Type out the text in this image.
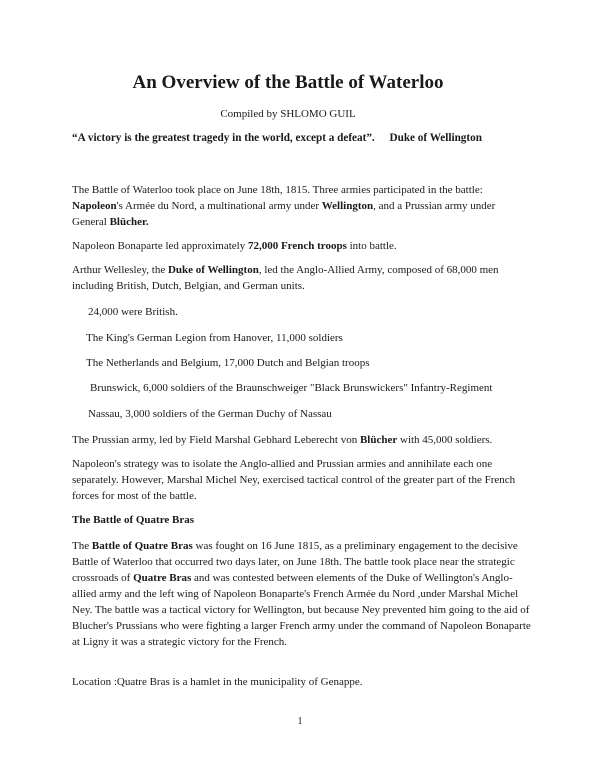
An Overview of the Battle of Waterloo
Compiled by SHLOMO GUIL
“A victory is the greatest tragedy in the world, except a defeat”. Duke of Wellington
The Battle of Waterloo took place on June 18th, 1815. Three armies participated in the battle: Napoleon's Armée du Nord, a multinational army under Wellington, and a Prussian army under General Blücher.
Napoleon Bonaparte led approximately 72,000 French troops into battle.
Arthur Wellesley, the Duke of Wellington, led the Anglo-Allied Army, composed of 68,000 men including British, Dutch, Belgian, and German units.
24,000 were British.
The King's German Legion from Hanover, 11,000 soldiers
The Netherlands and Belgium, 17,000 Dutch and Belgian troops
Brunswick, 6,000 soldiers of the Braunschweiger "Black Brunswickers" Infantry-Regiment
Nassau, 3,000 soldiers of the German Duchy of Nassau
The Prussian army, led by Field Marshal Gebhard Leberecht von Blücher with 45,000 soldiers.
Napoleon's strategy was to isolate the Anglo-allied and Prussian armies and annihilate each one separately. However, Marshal Michel Ney, exercised tactical control of the greater part of the French forces for most of the battle.
The Battle of Quatre Bras
The Battle of Quatre Bras was fought on 16 June 1815, as a preliminary engagement to the decisive Battle of Waterloo that occurred two days later, on June 18th. The battle took place near the strategic crossroads of Quatre Bras and was contested between elements of the Duke of Wellington's Anglo-allied army and the left wing of Napoleon Bonaparte's French Armée du Nord ,under Marshal Michel Ney. The battle was a tactical victory for Wellington, but because Ney prevented him going to the aid of Blucher's Prussians who were fighting a larger French army under the command of Napoleon Bonaparte at Ligny it was a strategic victory for the French.
Location :Quatre Bras is a hamlet in the municipality of Genappe.
1
